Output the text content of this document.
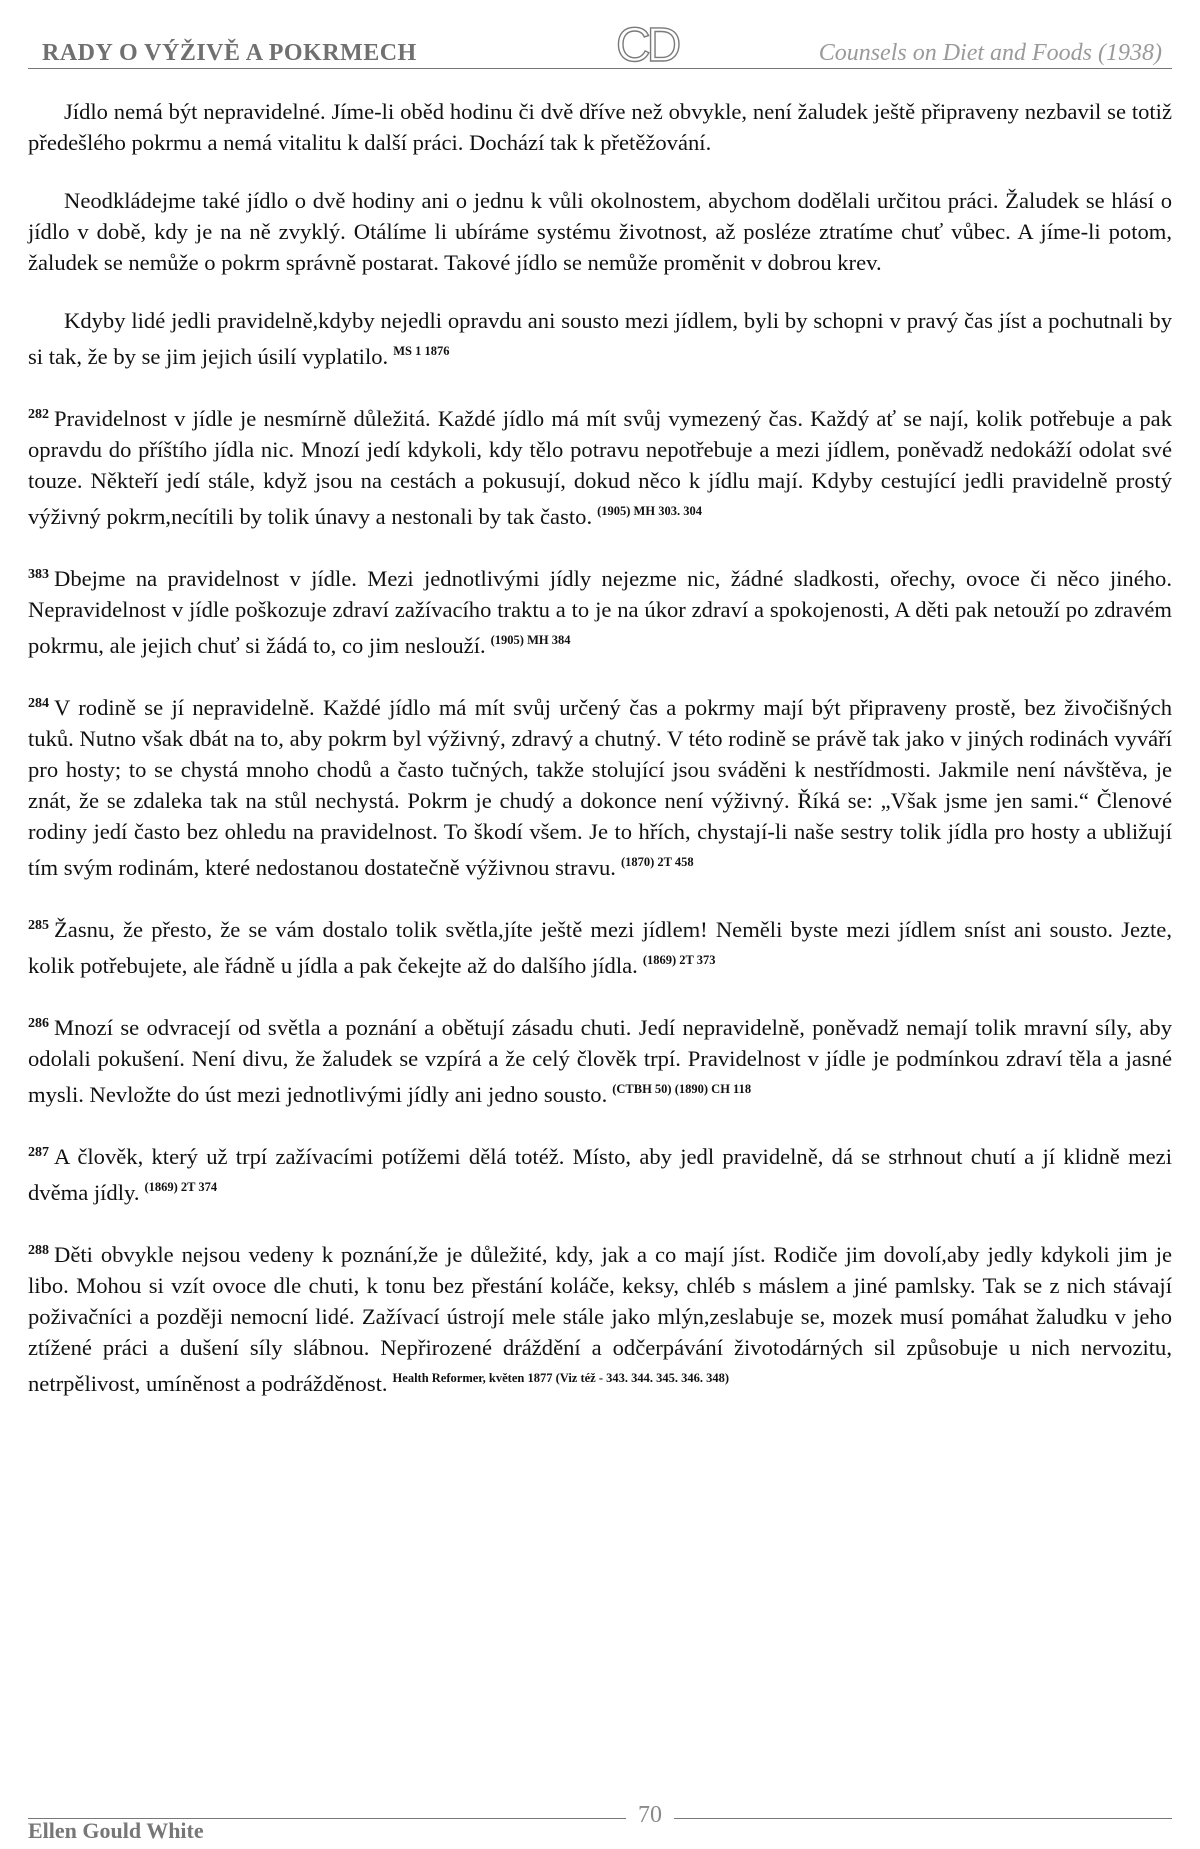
RADY O VÝŽIVĚ A POKRMECH	CD	Counsels on Diet and Foods (1938)

Jídlo nemá být nepravidelné. Jíme-li oběd hodinu či dvě dříve než obvykle, není žaludek ještě připraveny nezbavil se totiž předešlého pokrmu a nemá vitalitu k další práci. Dochází tak k přetěžování.

Neodkládejme také jídlo o dvě hodiny ani o jednu k vůli okolnostem, abychom dodělali určitou práci. Žaludek se hlásí o jídlo v době, kdy je na ně zvyklý. Otálíme li ubíráme systému životnost, až posléze ztratíme chuť vůbec. A jíme-li potom, žaludek se nemůže o pokrm správně postarat. Takové jídlo se nemůže proměnit v dobrou krev.

Kdyby lidé jedli pravidelně,kdyby nejedli opravdu ani sousto mezi jídlem, byli by schopni v pravý čas jíst a pochutnali by si tak, že by se jim jejich úsilí vyplatilo. $^{MS 1 1876}$

$^{282}$ Pravidelnost v jídle je nesmírně důležitá. Každé jídlo má mít svůj vymezený čas. Každý ať se nají, kolik potřebuje a pak opravdu do příštího jídla nic. Mnozí jedí kdykoli, kdy tělo potravu nepotřebuje a mezi jídlem, poněvadž nedokáží odolat své touze. Někteří jedí stále, když jsou na cestách a pokusují, dokud něco k jídlu mají. Kdyby cestující jedli pravidelně prostý výživný pokrm,necítili by tolik únavy a nestonali by tak často. $^{(1905) MH 303. 304}$

$^{383}$ Dbejme na pravidelnost v jídle. Mezi jednotlivými jídly nejezme nic, žádné sladkosti, ořechy, ovoce či něco jiného. Nepravidelnost v jídle poškozuje zdraví zažívacího traktu a to je na úkor zdraví a spokojenosti, A děti pak netouží po zdravém pokrmu, ale jejich chuť si žádá to, co jim neslouží. $^{(1905) MH 384}$

$^{284}$ V rodině se jí nepravidelně. Každé jídlo má mít svůj určený čas a pokrmy mají být připraveny prostě, bez živočišných tuků. Nutno však dbát na to, aby pokrm byl výživný, zdravý a chutný. V této rodině se právě tak jako v jiných rodinách vyváří pro hosty; to se chystá mnoho chodů a často tučných, takže stolující jsou sváděni k nestřídmosti. Jakmile není návštěva, je znát, že se zdaleka tak na stůl nechystá. Pokrm je chudý a dokonce není výživný. Říká se: „Však jsme jen sami.“ Členové rodiny jedí často bez ohledu na pravidelnost. To škodí všem. Je to hřích, chystají-li naše sestry tolik jídla pro hosty a ubližují tím svým rodinám, které nedostanou dostatečně výživnou stravu. $^{(1870) 2T 458}$

$^{285}$ Žasnu, že přesto, že se vám dostalo tolik světla,jíte ještě mezi jídlem! Neměli byste mezi jídlem sníst ani sousto. Jezte, kolik potřebujete, ale řádně u jídla a pak čekejte až do dalšího jídla. $^{(1869) 2T 373}$

$^{286}$ Mnozí se odvracejí od světla a poznání a obětují zásadu chuti. Jedí nepravidelně, poněvadž nemají tolik mravní síly, aby odolali pokušení. Není divu, že žaludek se vzpírá a že celý člověk trpí. Pravidelnost v jídle je podmínkou zdraví těla a jasné mysli. Nevložte do úst mezi jednotlivými jídly ani jedno sousto. $^{(CTBH 50) (1890) CH 118}$

$^{287}$ A člověk, který už trpí zažívacími potížemi dělá totéž. Místo, aby jedl pravidelně, dá se strhnout chutí a jí klidně mezi dvěma jídly. $^{(1869) 2T 374}$

$^{288}$ Děti obvykle nejsou vedeny k poznání,že je důležité, kdy, jak a co mají jíst. Rodiče jim dovolí,aby jedly kdykoli jim je libo. Mohou si vzít ovoce dle chuti, k tonu bez přestání koláče, keksy, chléb s máslem a jiné pamlsky. Tak se z nich stávají poživačníci a později nemocní lidé. Zažívací ústrojí mele stále jako mlýn,zeslabuje se, mozek musí pomáhat žaludku v jeho ztížené práci a dušení síly slábnou. Nepřirozené dráždění a odčerpávání životodárných sil způsobuje u nich nervozitu, netrpělivost, umíněnost a podrážděnost. $^{Health Reformer, květen 1877 (Viz též - 343. 344. 345. 346. 348)}$

70
Ellen Gould White
